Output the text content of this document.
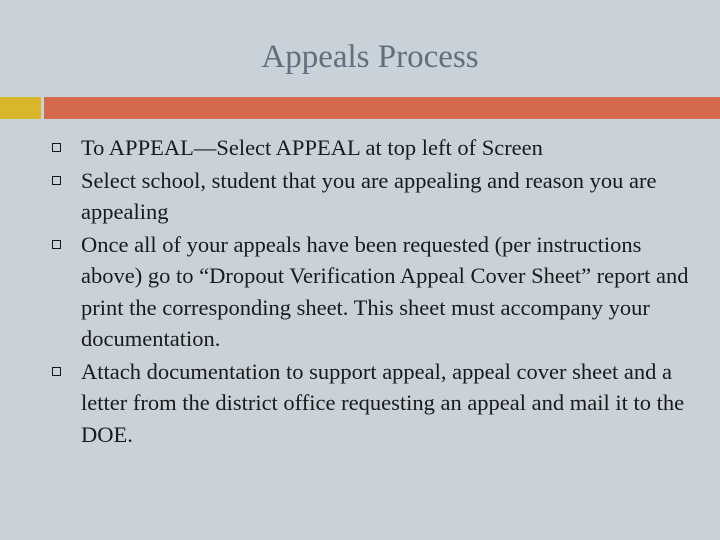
Appeals Process
To APPEAL—Select APPEAL at top left of Screen
Select school, student that you are appealing and reason you are appealing
Once all of your appeals have been requested (per instructions above) go to “Dropout Verification Appeal Cover Sheet” report and print the corresponding sheet. This sheet must accompany your documentation.
Attach documentation to support appeal, appeal cover sheet and a letter from the district office requesting an appeal and mail it to the DOE.
